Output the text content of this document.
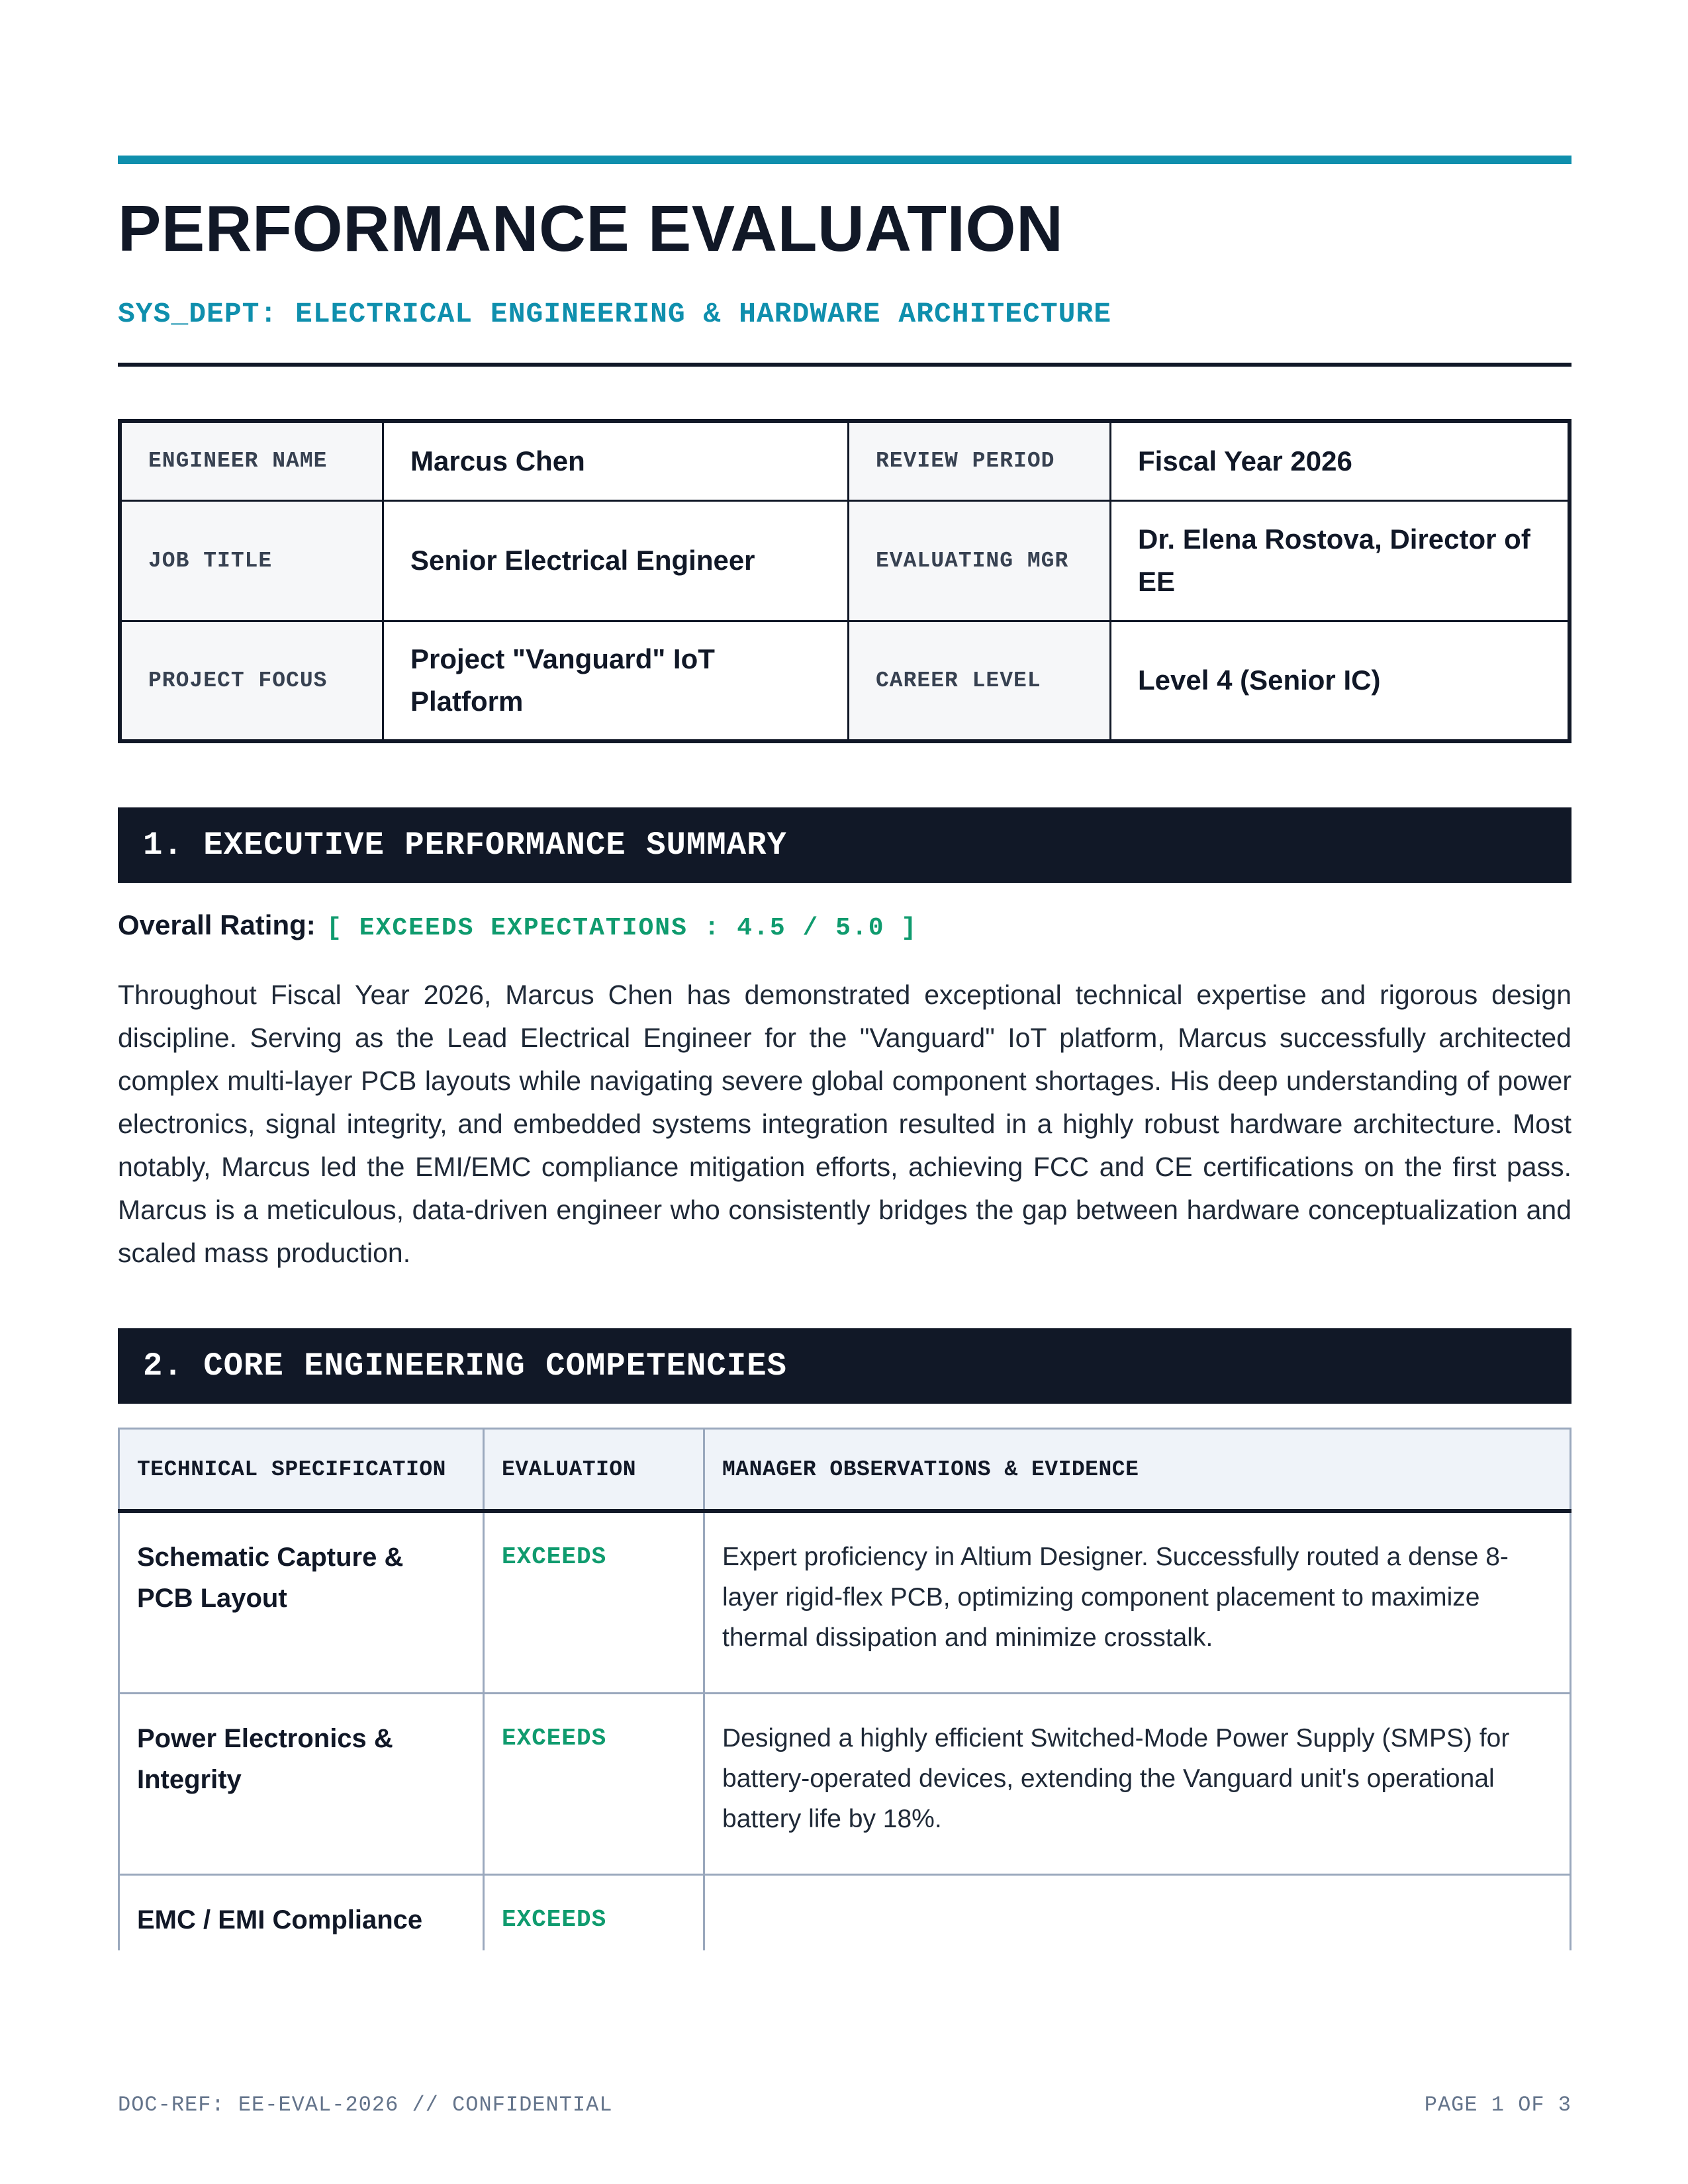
PERFORMANCE EVALUATION
SYS_DEPT: ELECTRICAL ENGINEERING & HARDWARE ARCHITECTURE
ENGINEER NAME	Marcus Chen	REVIEW PERIOD	Fiscal Year 2026
JOB TITLE	Senior Electrical Engineer	EVALUATING MGR	Dr. Elena Rostova, Director of EE
PROJECT FOCUS	Project "Vanguard" IoT Platform	CAREER LEVEL	Level 4 (Senior IC)
1. EXECUTIVE PERFORMANCE SUMMARY
Overall Rating: [ EXCEEDS EXPECTATIONS : 4.5 / 5.0 ]

Throughout Fiscal Year 2026, Marcus Chen has demonstrated exceptional technical expertise and rigorous design discipline. Serving as the Lead Electrical Engineer for the "Vanguard" IoT platform, Marcus successfully architected complex multi-layer PCB layouts while navigating severe global component shortages. His deep understanding of power electronics, signal integrity, and embedded systems integration resulted in a highly robust hardware architecture. Most notably, Marcus led the EMI/EMC compliance mitigation efforts, achieving FCC and CE certifications on the first pass. Marcus is a meticulous, data-driven engineer who consistently bridges the gap between hardware conceptualization and scaled mass production.

2. CORE ENGINEERING COMPETENCIES
TECHNICAL SPECIFICATION	EVALUATION	MANAGER OBSERVATIONS & EVIDENCE
Schematic Capture & PCB Layout	EXCEEDS	Expert proficiency in Altium Designer. Successfully routed a dense 8-layer rigid-flex PCB, optimizing component placement to maximize thermal dissipation and minimize crosstalk.
Power Electronics & Integrity	EXCEEDS	Designed a highly efficient Switched-Mode Power Supply (SMPS) for battery-operated devices, extending the Vanguard unit's operational battery life by 18%.
EMC / EMI Compliance	EXCEEDS	
DOC-REF: EE-EVAL-2026 // CONFIDENTIAL	PAGE 1 OF 3
